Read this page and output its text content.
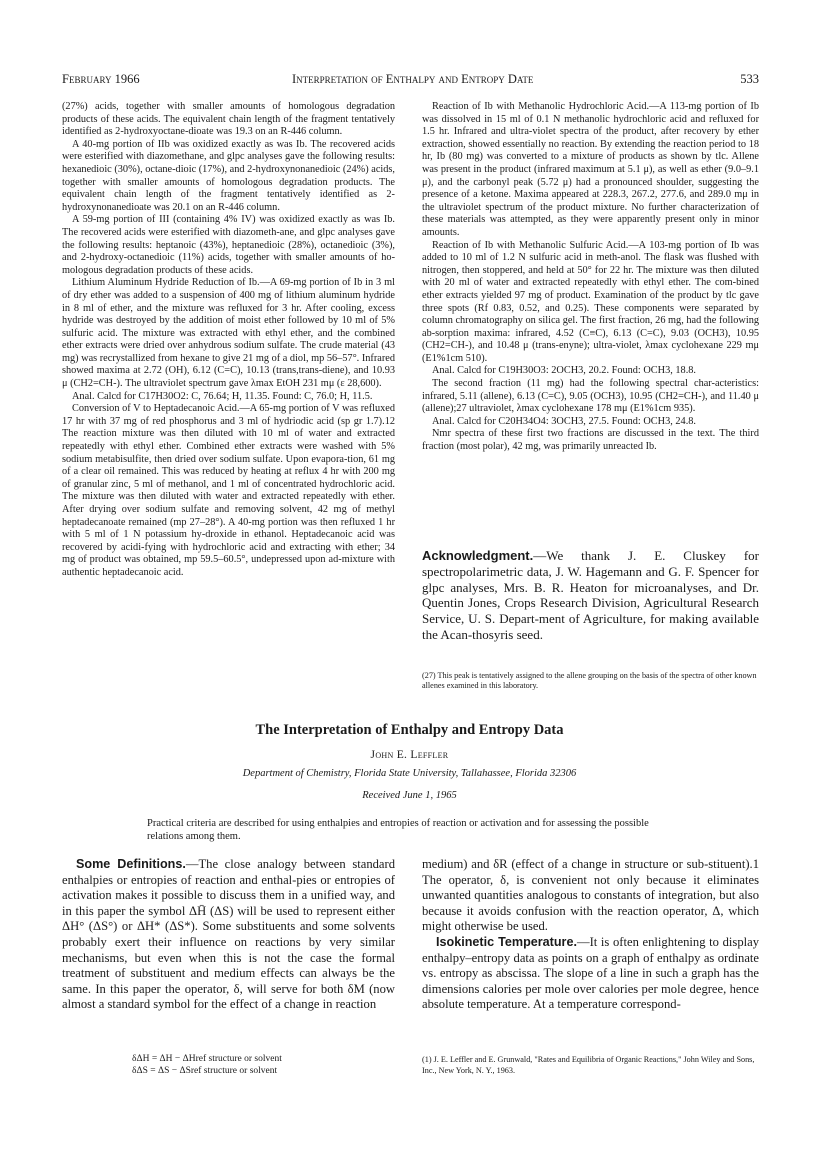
February 1966	Interpretation of Enthalpy and Entropy Date	533

(27%) acids, together with smaller amounts of homologous degradation products of these acids. The equivalent chain length of the fragment tentatively identified as 2-hydroxyoctane-dioate was 19.3 on an R-446 column.

A 40-mg portion of IIb was oxidized exactly as was Ib. The recovered acids were esterified with diazomethane, and glpc analyses gave the following results: hexanedioic (30%), octane-dioic (17%), and 2-hydroxynonanedioic (24%) acids, together with smaller amounts of homologous degradation products. The equivalent chain length of the fragment tentatively identified as 2-hydroxynonanedioate was 20.1 on an R-446 column.

A 59-mg portion of III (containing 4% IV) was oxidized exactly as was Ib. The recovered acids were esterified with diazometh-ane, and glpc analyses gave the following results: heptanoic (43%), heptanedioic (28%), octanedioic (3%), and 2-hydroxy-octanedioic (11%) acids, together with smaller amounts of ho-mologous degradation products of these acids.

Lithium Aluminum Hydride Reduction of Ib.—A 69-mg portion of Ib in 3 ml of dry ether was added to a suspension of 400 mg of lithium aluminum hydride in 8 ml of ether, and the mixture was refluxed for 3 hr. After cooling, excess hydride was destroyed by the addition of moist ether followed by 10 ml of 5% sulfuric acid. The mixture was extracted with ethyl ether, and the combined ether extracts were dried over anhydrous sodium sulfate. The crude material (43 mg) was recrystallized from hexane to give 21 mg of a diol, mp 56–57°. Infrared showed maxima at 2.72 (OH), 6.12 (C=C), 10.13 (trans,trans-diene), and 10.93 μ (CH2=CH-). The ultraviolet spectrum gave λmax EtOH 231 mμ (ε 28,600).

Anal. Calcd for C17H30O2: C, 76.64; H, 11.35. Found: C, 76.0; H, 11.5.

Conversion of V to Heptadecanoic Acid.—A 65-mg portion of V was refluxed 17 hr with 37 mg of red phosphorus and 3 ml of hydriodic acid (sp gr 1.7).12 The reaction mixture was then diluted with 10 ml of water and extracted repeatedly with ethyl ether. Combined ether extracts were washed with 5% sodium metabisulfite, then dried over sodium sulfate. Upon evapora-tion, 61 mg of a clear oil remained. This was reduced by heating at reflux 4 hr with 200 mg of granular zinc, 5 ml of methanol, and 1 ml of concentrated hydrochloric acid. The mixture was then diluted with water and extracted repeatedly with ether. After drying over sodium sulfate and removing solvent, 42 mg of methyl heptadecanoate remained (mp 27–28°). A 40-mg portion was then refluxed 1 hr with 5 ml of 1 N potassium hy-droxide in ethanol. Heptadecanoic acid was recovered by acidi-fying with hydrochloric acid and extracting with ether; 34 mg of product was obtained, mp 59.5–60.5°, undepressed upon ad-mixture with authentic heptadecanoic acid.

Reaction of Ib with Methanolic Hydrochloric Acid.—A 113-mg portion of Ib was dissolved in 15 ml of 0.1 N methanolic hydrochloric acid and refluxed for 1.5 hr. Infrared and ultra-violet spectra of the product, after recovery by ether extraction, showed essentially no reaction. By extending the reaction period to 18 hr, Ib (80 mg) was converted to a mixture of products as shown by tlc. Allene was present in the product (infrared maximum at 5.1 μ), as well as ether (9.0–9.1 μ), and the carbonyl peak (5.72 μ) had a pronounced shoulder, suggesting the presence of a ketone. Maxima appeared at 228.3, 267.2, 277.6, and 289.0 mμ in the ultraviolet spectrum of the product mixture. No further characterization of these materials was attempted, as they were apparently present only in minor amounts.

Reaction of Ib with Methanolic Sulfuric Acid.—A 103-mg portion of Ib was added to 10 ml of 1.2 N sulfuric acid in meth-anol. The flask was flushed with nitrogen, then stoppered, and held at 50° for 22 hr. The mixture was then diluted with 20 ml of water and extracted repeatedly with ethyl ether. The com-bined ether extracts yielded 97 mg of product. Examination of the product by tlc gave three spots (Rf 0.83, 0.52, and 0.25). These components were separated by column chromatography on silica gel. The first fraction, 26 mg, had the following ab-sorption maxima: infrared, 4.52 (C≡C), 6.13 (C=C), 9.03 (OCH3), 10.95 (CH2=CH-), and 10.48 μ (trans-enyne); ultra-violet, λmax cyclohexane 229 mμ (E1%1cm 510).

Anal. Calcd for C19H30O3: 2OCH3, 20.2. Found: OCH3, 18.8.

The second fraction (11 mg) had the following spectral char-acteristics: infrared, 5.11 (allene), 6.13 (C=C), 9.05 (OCH3), 10.95 (CH2=CH-), and 11.40 μ (allene);27 ultraviolet, λmax cyclohexane 178 mμ (E1%1cm 935).

Anal. Calcd for C20H34O4: 3OCH3, 27.5. Found: OCH3, 24.8.

Nmr spectra of these first two fractions are discussed in the text. The third fraction (most polar), 42 mg, was primarily unreacted Ib.

Acknowledgment.—We thank J. E. Cluskey for spectropolarimetric data, J. W. Hagemann and G. F. Spencer for glpc analyses, Mrs. B. R. Heaton for microanalyses, and Dr. Quentin Jones, Crops Research Division, Agricultural Research Service, U. S. Depart-ment of Agriculture, for making available the Acan-thosyris seed.
(27) This peak is tentatively assigned to the allene grouping on the basis of the spectra of other known allenes examined in this laboratory.
The Interpretation of Enthalpy and Entropy Data
John E. Leffler
Department of Chemistry, Florida State University, Tallahassee, Florida 32306
Received June 1, 1965
Practical criteria are described for using enthalpies and entropies of reaction or activation and for assessing the possible relations among them.

Some Definitions.—The close analogy between standard enthalpies or entropies of reaction and enthal-pies or entropies of activation makes it possible to discuss them in a unified way, and in this paper the symbol ΔH̄ (ΔS) will be used to represent either ΔH° (ΔS°) or ΔH* (ΔS*). Some substituents and some solvents probably exert their influence on reactions by very similar mechanisms, but even when this is not the case the formal treatment of substituent and medium effects can always be the same. In this paper the operator, δ, will serve for both δM (now almost a standard symbol for the effect of a change in reaction

medium) and δR (effect of a change in structure or sub-stituent).1 The operator, δ, is convenient not only because it eliminates unwanted quantities analogous to constants of integration, but also because it avoids confusion with the reaction operator, Δ, which might otherwise be used.

Isokinetic Temperature.—It is often enlightening to display enthalpy–entropy data as points on a graph of enthalpy as ordinate vs. entropy as abscissa. The slope of a line in such a graph has the dimensions calories per mole over calories per mole degree, hence absolute temperature. At a temperature correspond-

δΔH = ΔH − ΔHref structure or solvent
δΔS = ΔS − ΔSref structure or solvent
(1) J. E. Leffler and E. Grunwald, "Rates and Equilibria of Organic Reactions," John Wiley and Sons, Inc., New York, N. Y., 1963.
